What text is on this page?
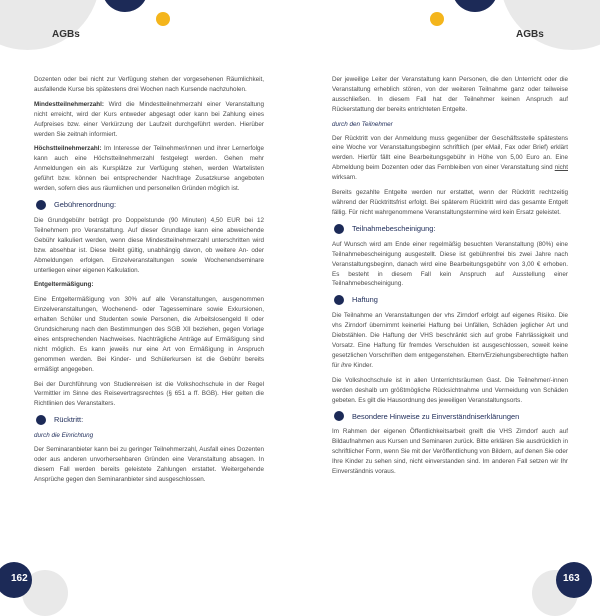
AGBs	AGBs

Dozenten oder bei nicht zur Verfügung stehen der vorgesehenen Räumlichkeit, ausfallende Kurse bis spätestens drei Wochen nach Kursende nachzuholen.

Mindestteilnehmerzahl: Wird die Mindestteilnehmerzahl einer Veranstaltung nicht erreicht, wird der Kurs entweder abgesagt oder kann bei Zahlung eines Aufpreises bzw. einer Verkürzung der Laufzeit durchgeführt werden. Hierüber werden Sie zeitnah informiert.

Höchstteilnehmerzahl: Im Interesse der Teilnehmer/innen und ihrer Lernerfolge kann auch eine Höchstteilnehmerzahl festgelegt werden. Gehen mehr Anmeldungen ein als Kursplätze zur Verfügung stehen, werden Wartelisten geführt bzw. können bei entsprechender Nachfrage Zusatzkurse angeboten werden, sofern dies aus räumlichen und personellen Gründen möglich ist.

Gebührenordnung:

Die Grundgebühr beträgt pro Doppelstunde (90 Minuten) 4,50 EUR bei 12 Teilnehmern pro Veranstaltung. Auf dieser Grundlage kann eine abweichende Gebühr kalkuliert werden, wenn diese Mindestteilnehmerzahl unterschritten wird bzw. absehbar ist. Diese bleibt gültig, unabhängig davon, ob weitere An- oder Abmeldungen erfolgen. Einzelveranstaltungen sowie Wochenendseminare unterliegen einer eigenen Kalkulation.

Entgeltermäßigung:

Eine Entgeltermäßigung von 30% auf alle Veranstaltungen, ausgenommen Einzelveranstaltungen, Wochenend- oder Tagesseminare sowie Exkursionen, erhalten Schüler und Studenten sowie Personen, die Arbeitslosengeld II oder Grundsicherung nach den Bestimmungen des SGB XII beziehen, gegen Vorlage eines entsprechenden Nachweises. Nachträgliche Anträge auf Ermäßigung sind nicht möglich. Es kann jeweils nur eine Art von Ermäßigung in Anspruch genommen werden. Bei Kinder- und Schülerkursen ist die Gebühr bereits ermäßigt angegeben.

Bei der Durchführung von Studienreisen ist die Volkshochschule in der Regel Vermittler im Sinne des Reisevertragsrechtes (§ 651 a ff. BGB). Hier gelten die Richtlinien des Veranstalters.

Rücktritt:

durch die Einrichtung

Der Seminaranbieter kann bei zu geringer Teilnehmerzahl, Ausfall eines Dozenten oder aus anderen unvorhersehbaren Gründen eine Veranstaltung absagen. In diesem Fall werden bereits geleistete Zahlungen erstattet. Weitergehende Ansprüche gegen den Seminaranbieter sind ausgeschlossen.

Der jeweilige Leiter der Veranstaltung kann Personen, die den Unterricht oder die Veranstaltung erheblich stören, von der weiteren Teilnahme ganz oder teilweise ausschließen. In diesem Fall hat der Teilnehmer keinen Anspruch auf Rückerstattung der bereits entrichteten Entgelte.

durch den Teilnehmer

Der Rücktritt von der Anmeldung muss gegenüber der Geschäftsstelle spätestens eine Woche vor Veranstaltungsbeginn schriftlich (per eMail, Fax oder Brief) erklärt werden. Hierfür fällt eine Bearbeitungsgebühr in Höhe von 5,00 Euro an. Eine Abmeldung beim Dozenten oder das Fernbleiben von einer Veranstaltung sind nicht wirksam.

Bereits gezahlte Entgelte werden nur erstattet, wenn der Rücktritt rechtzeitig während der Rücktrittsfrist erfolgt. Bei späterem Rücktritt wird das gesamte Entgelt fällig. Für nicht wahrgenommene Veranstaltungstermine wird kein Ersatz geleistet.

Teilnahmebescheinigung:

Auf Wunsch wird am Ende einer regelmäßig besuchten Veranstaltung (80%) eine Teilnahmebescheinigung ausgestellt. Diese ist gebührenfrei bis zwei Jahre nach Veranstaltungsbeginn, danach wird eine Bearbeitungsgebühr von 3,00 € erhoben. Es besteht in diesem Fall kein Anspruch auf Ausstellung einer Teilnahmebescheinigung.

Haftung

Die Teilnahme an Veranstaltungen der vhs Zirndorf erfolgt auf eigenes Risiko. Die vhs Zirndorf übernimmt keinerlei Haftung bei Unfällen, Schäden jeglicher Art und Diebstählen. Die Haftung der VHS beschränkt sich auf grobe Fahrlässigkeit und Vorsatz. Eine Haftung für fremdes Verschulden ist ausgeschlossen, soweit keine gesetzlichen Vorschriften dem entgegenstehen. Eltern/Erziehungsberechtigte haften für ihre Kinder.

Die Volkshochschule ist in allen Unterrichtsräumen Gast. Die Teilnehmer/-innen werden deshalb um größtmögliche Rücksichtnahme und Vermeidung von Schäden gebeten. Es gilt die Hausordnung des jeweiligen Veranstaltungsorts.

Besondere Hinweise zu Einverständniserklärungen

Im Rahmen der eigenen Öffentlichkeitsarbeit greift die VHS Zirndorf auch auf Bildaufnahmen aus Kursen und Seminaren zurück. Bitte erklären Sie ausdrücklich in schriftlicher Form, wenn Sie mit der Veröffentlichung von Bildern, auf denen Sie oder Ihre Kinder zu sehen sind, nicht einverstanden sind. Im anderen Fall setzen wir Ihr Einverständnis voraus.

162	163
